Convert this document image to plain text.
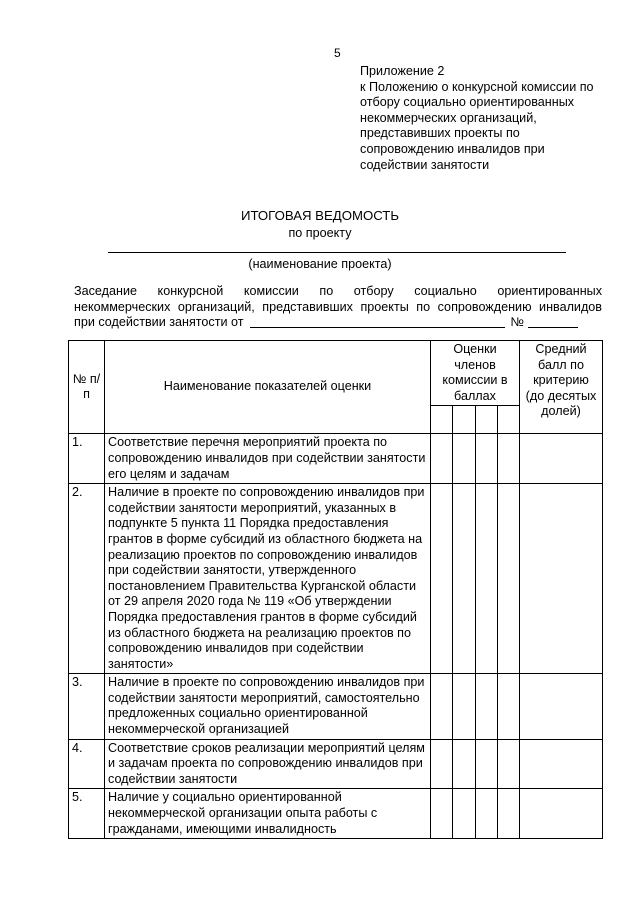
5
Приложение 2
к Положению о конкурсной комиссии по
отбору социально ориентированных
некоммерческих организаций,
представивших проекты по
сопровождению инвалидов при
содействии занятости
ИТОГОВАЯ ВЕДОМОСТЬ
по проекту
(наименование проекта)
Заседание конкурсной комиссии по отбору социально ориентированных
некоммерческих организаций, представивших проекты по сопровождению инвалидов
при содействии занятости от	№
№ п/п	Наименование показателей оценки	Оценки членов комиссии в баллах				Средний балл по критерию (до десятых долей)

1.	Соответствие перечня мероприятий проекта по сопровождению инвалидов при содействии занятости его целям и задачам					
2.	Наличие в проекте по сопровождению инвалидов при содействии занятости мероприятий, указанных в подпункте 5 пункта 11 Порядка предоставления грантов в форме субсидий из областного бюджета на реализацию проектов по сопровождению инвалидов при содействии занятости, утвержденного постановлением Правительства Курганской области от 29 апреля 2020 года № 119 «Об утверждении Порядка предоставления грантов в форме субсидий из областного бюджета на реализацию проектов по сопровождению инвалидов при содействии занятости»					
3.	Наличие в проекте по сопровождению инвалидов при содействии занятости мероприятий, самостоятельно предложенных социально ориентированной некоммерческой организацией					
4.	Соответствие сроков реализации мероприятий целям и задачам проекта по сопровождению инвалидов при содействии занятости					
5.	Наличие у социально ориентированной некоммерческой организации опыта работы с гражданами, имеющими инвалидность					
